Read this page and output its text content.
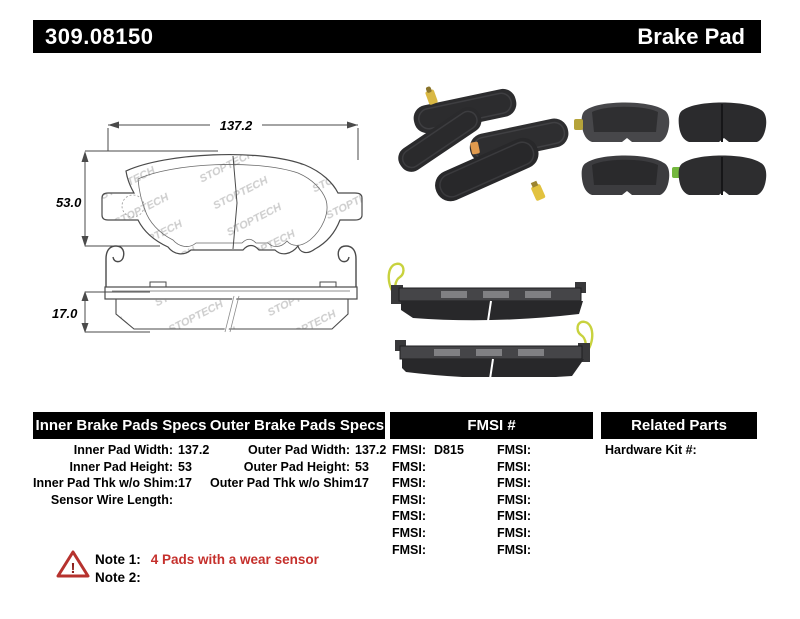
309.08150	Brake Pad
137.2
53.0
17.0
Inner Brake Pads Specs Outer Brake Pads Specs	FMSI #	Related Parts
Inner Pad Width: 137.2
Inner Pad Height: 53
Inner Pad Thk w/o Shim: 17
Sensor Wire Length:
Outer Pad Width: 137.2
Outer Pad Height: 53
Outer Pad Thk w/o Shim:
17
FMSI: D815
FMSI:
FMSI:
FMSI:
FMSI:
FMSI:
FMSI:
FMSI:
FMSI:
FMSI:
FMSI:
FMSI:
FMSI:
FMSI:
Hardware Kit #:
!
Note 1: 4 Pads with a wear sensor
Note 2:
